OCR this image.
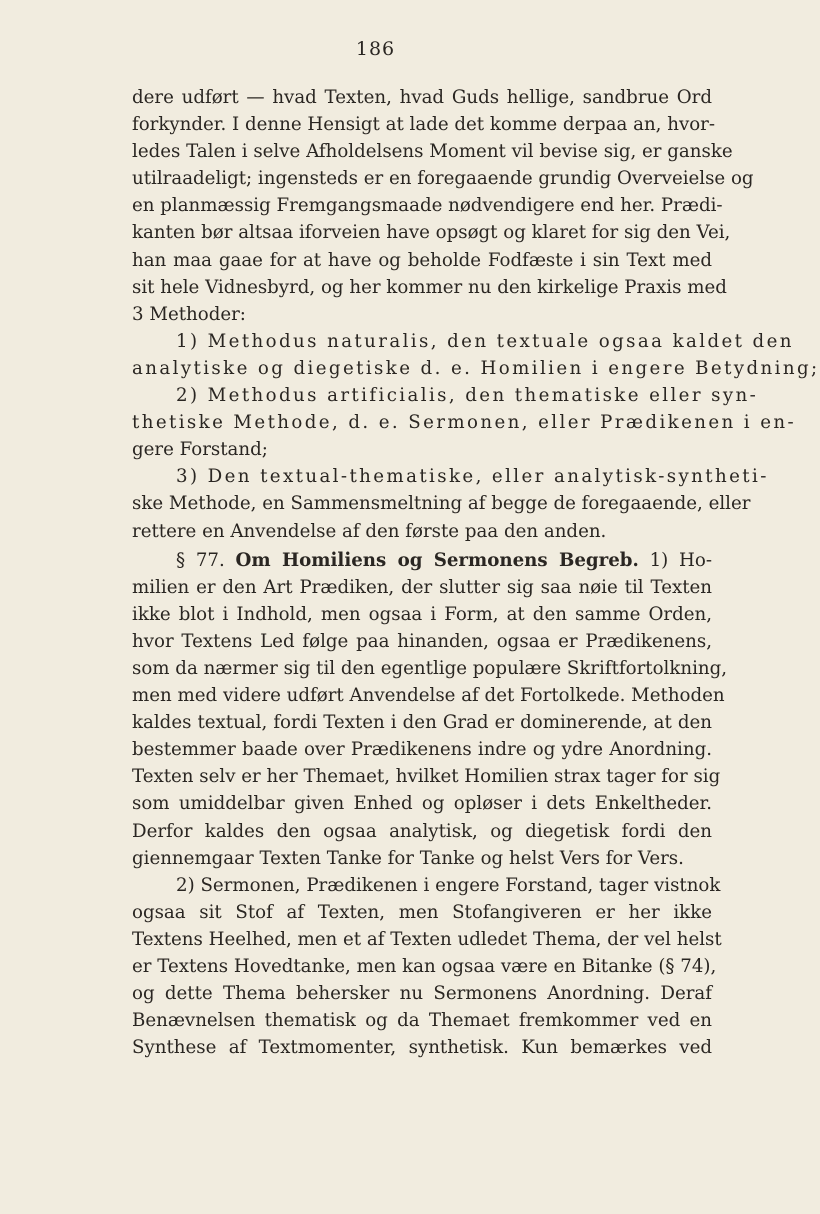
186
dere udført — hvad Texten, hvad Guds hellige, sandbrue Ord
forkynder. I denne Hensigt at lade det komme derpaa an, hvor-
ledes Talen i selve Afholdelsens Moment vil bevise sig, er ganske
utilraadeligt; ingensteds er en foregaaende grundig Overveielse og
en planmæssig Fremgangsmaade nødvendigere end her. Prædi-
kanten bør altsaa iforveien have opsøgt og klaret for sig den Vei,
han maa gaae for at have og beholde Fodfæste i sin Text med
sit hele Vidnesbyrd, og her kommer nu den kirkelige Praxis med
3 Methoder:
1) Methodus naturalis, den textuale ogsaa kaldet den
analytiske og diegetiske d. e. Homilien i engere Betydning;
2) Methodus artificialis, den thematiske eller syn-
thetiske Methode, d. e. Sermonen, eller Prædikenen i en-
gere Forstand;
3) Den textual-thematiske, eller analytisk-syntheti-
ske Methode, en Sammensmeltning af begge de foregaaende, eller
rettere en Anvendelse af den første paa den anden.
§ 77. Om Homiliens og Sermonens Begreb. 1) Ho-
milien er den Art Prædiken, der slutter sig saa nøie til Texten
ikke blot i Indhold, men ogsaa i Form, at den samme Orden,
hvor Textens Led følge paa hinanden, ogsaa er Prædikenens,
som da nærmer sig til den egentlige populære Skriftfortolkning,
men med videre udført Anvendelse af det Fortolkede. Methoden
kaldes textual, fordi Texten i den Grad er dominerende, at den
bestemmer baade over Prædikenens indre og ydre Anordning.
Texten selv er her Themaet, hvilket Homilien strax tager for sig
som umiddelbar given Enhed og opløser i dets Enkeltheder.
Derfor kaldes den ogsaa analytisk, og diegetisk fordi den
giennemgaar Texten Tanke for Tanke og helst Vers for Vers.
2) Sermonen, Prædikenen i engere Forstand, tager vistnok
ogsaa sit Stof af Texten, men Stofangiveren er her ikke
Textens Heelhed, men et af Texten udledet Thema, der vel helst
er Textens Hovedtanke, men kan ogsaa være en Bitanke (§ 74),
og dette Thema behersker nu Sermonens Anordning. Deraf
Benævnelsen thematisk og da Themaet fremkommer ved en
Synthese af Textmomenter, synthetisk. Kun bemærkes ved
